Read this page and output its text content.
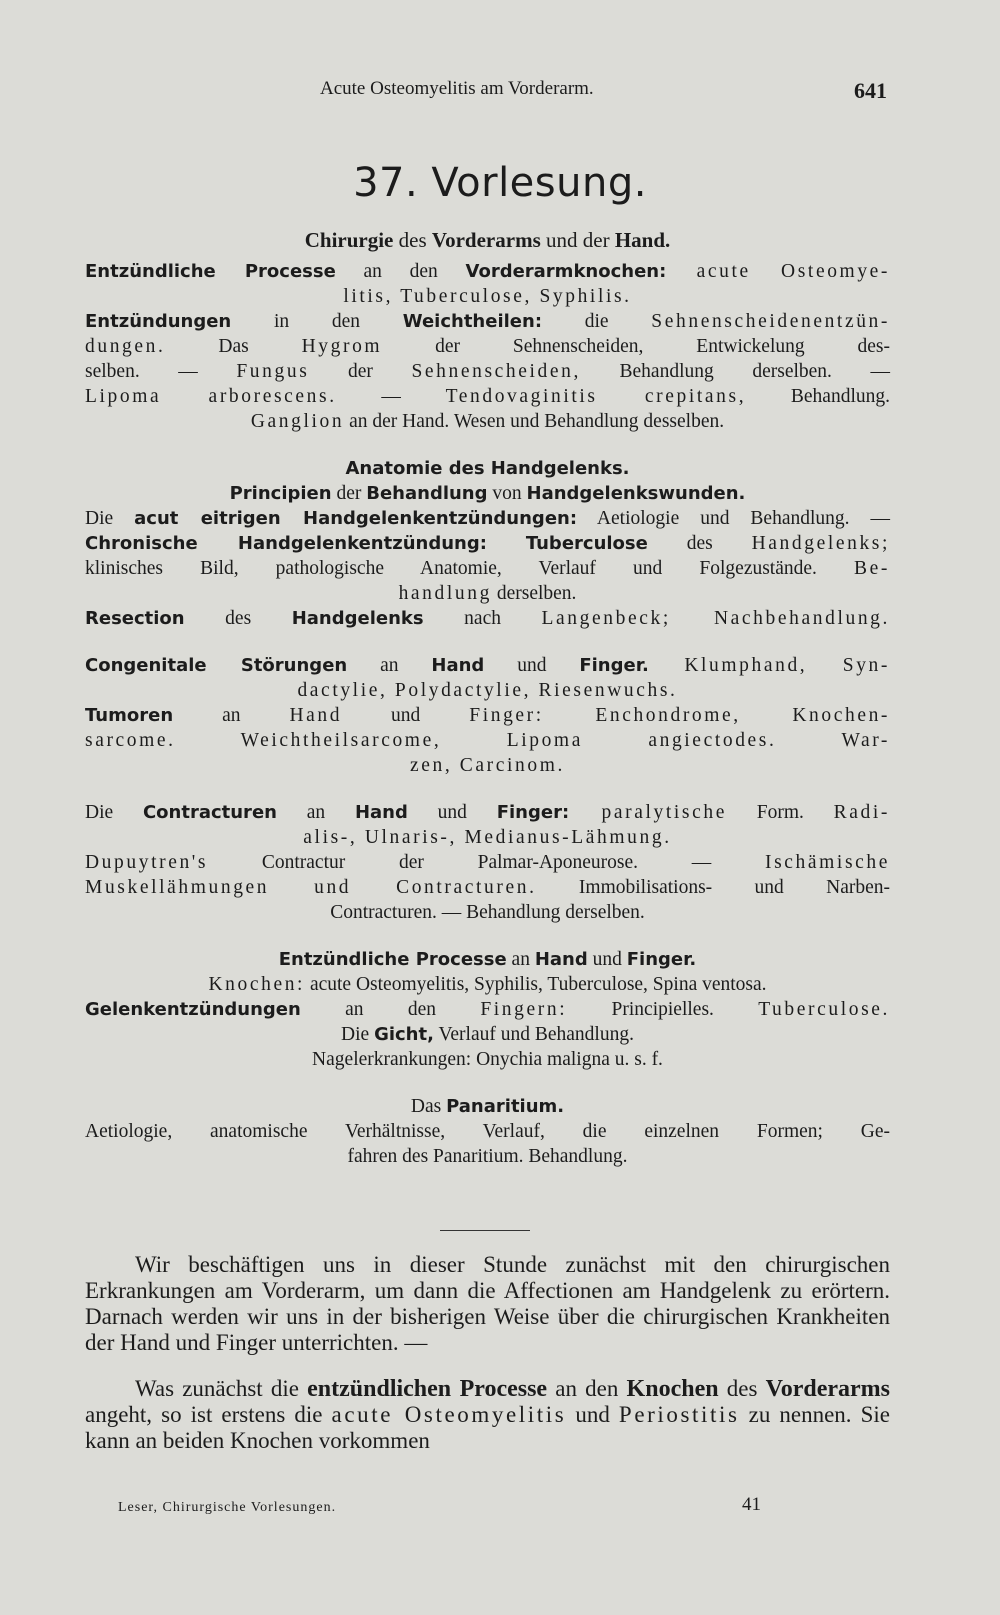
Acute Osteomyelitis am Vorderarm.	641
37. Vorlesung.
Chirurgie des Vorderarms und der Hand.
Entzündliche Processe an den Vorderarmknochen: acute Osteomye-
litis, Tuberculose, Syphilis.
Entzündungen in den Weichtheilen: die Sehnenscheidenentzün-
dungen. Das Hygrom der Sehnenscheiden, Entwickelung des-
selben. — Fungus der Sehnenscheiden, Behandlung derselben. —
Lipoma arborescens. — Tendovaginitis crepitans, Behandlung.
Ganglion an der Hand. Wesen und Behandlung desselben.
Anatomie des Handgelenks.
Principien der Behandlung von Handgelenkswunden.
Die acut eitrigen Handgelenkentzündungen: Aetiologie und Behandlung. —
Chronische Handgelenkentzündung: Tuberculose des Handgelenks;
klinisches Bild, pathologische Anatomie, Verlauf und Folgezustände. Be-
handlung derselben.
Resection des Handgelenks nach Langenbeck; Nachbehandlung.
Congenitale Störungen an Hand und Finger. Klumphand, Syn-
dactylie, Polydactylie, Riesenwuchs.
Tumoren an Hand und Finger: Enchondrome, Knochen-
sarcome. Weichtheilsarcome, Lipoma angiectodes. War-
zen, Carcinom.
Die Contracturen an Hand und Finger: paralytische Form. Radi-
alis-, Ulnaris-, Medianus-Lähmung.
Dupuytren's Contractur der Palmar-Aponeurose. — Ischämische
Muskellähmungen und Contracturen. Immobilisations- und Narben-
Contracturen. — Behandlung derselben.
Entzündliche Processe an Hand und Finger.
Knochen: acute Osteomyelitis, Syphilis, Tuberculose, Spina ventosa.
Gelenkentzündungen an den Fingern: Principielles. Tuberculose.
Die Gicht, Verlauf und Behandlung.
Nagelerkrankungen: Onychia maligna u. s. f.
Das Panaritium.
Aetiologie, anatomische Verhältnisse, Verlauf, die einzelnen Formen; Ge-
fahren des Panaritium. Behandlung.

Wir beschäftigen uns in dieser Stunde zunächst mit den chirurgischen Erkrankungen am Vorderarm, um dann die Affectionen am Handgelenk zu erörtern. Darnach werden wir uns in der bisherigen Weise über die chirurgischen Krankheiten der Hand und Finger unterrichten. —

Was zunächst die entzündlichen Processe an den Knochen des Vorderarms angeht, so ist erstens die acute Osteomyelitis und Periostitis zu nennen. Sie kann an beiden Knochen vorkommen

Leser, Chirurgische Vorlesungen.	41
